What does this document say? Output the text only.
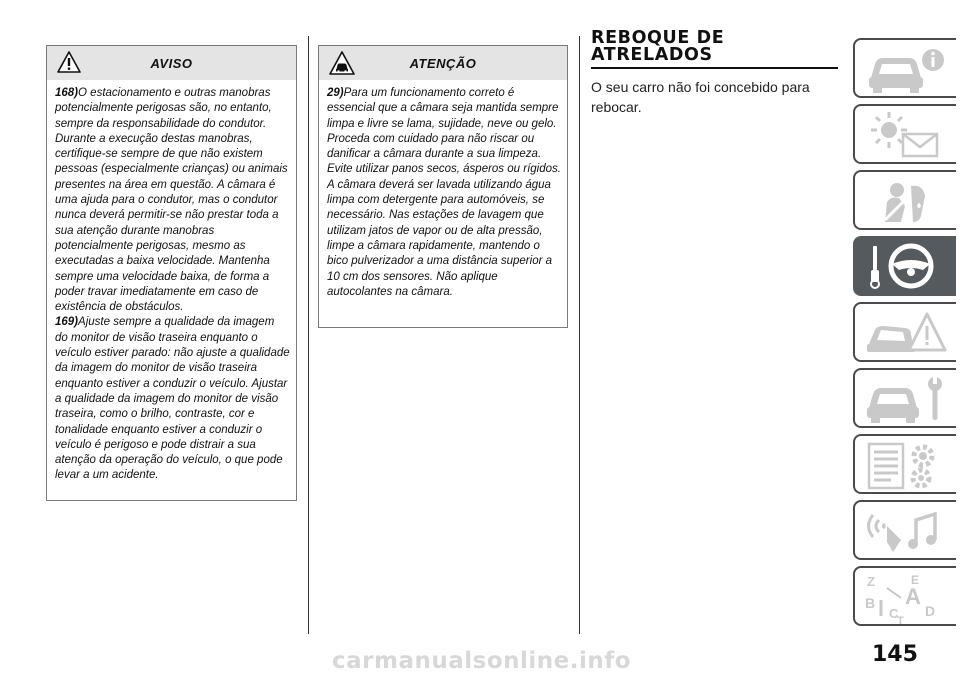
AVISO

168)O estacionamento e outras manobras potencialmente perigosas são, no entanto, sempre da responsabilidade do condutor. Durante a execução destas manobras, certifique-se sempre de que não existem pessoas (especialmente crianças) ou animais presentes na área em questão. A câmara é uma ajuda para o condutor, mas o condutor nunca deverá permitir-se não prestar toda a sua atenção durante manobras potencialmente perigosas, mesmo as executadas a baixa velocidade. Mantenha sempre uma velocidade baixa, de forma a poder travar imediatamente em caso de existência de obstáculos.

169)Ajuste sempre a qualidade da imagem do monitor de visão traseira enquanto o veículo estiver parado: não ajuste a qualidade da imagem do monitor de visão traseira enquanto estiver a conduzir o veículo. Ajustar a qualidade da imagem do monitor de visão traseira, como o brilho, contraste, cor e tonalidade enquanto estiver a conduzir o veículo é perigoso e pode distrair a sua atenção da operação do veículo, o que pode levar a um acidente.

ATENÇÃO

29)Para um funcionamento correto é essencial que a câmara seja mantida sempre limpa e livre se lama, sujidade, neve ou gelo. Proceda com cuidado para não riscar ou danificar a câmara durante a sua limpeza. Evite utilizar panos secos, ásperos ou rígidos. A câmara deverá ser lavada utilizando água limpa com detergente para automóveis, se necessário. Nas estações de lavagem que utilizam jatos de vapor ou de alta pressão, limpe a câmara rapidamente, mantendo o bico pulverizador a uma distância superior a 10 cm dos sensores. Não aplique autocolantes na câmara.

REBOQUE DE
ATRELADOS
O seu carro não foi concebido para rebocar.
Z	E
B A
C D
T
145
carmanualsonline.info
